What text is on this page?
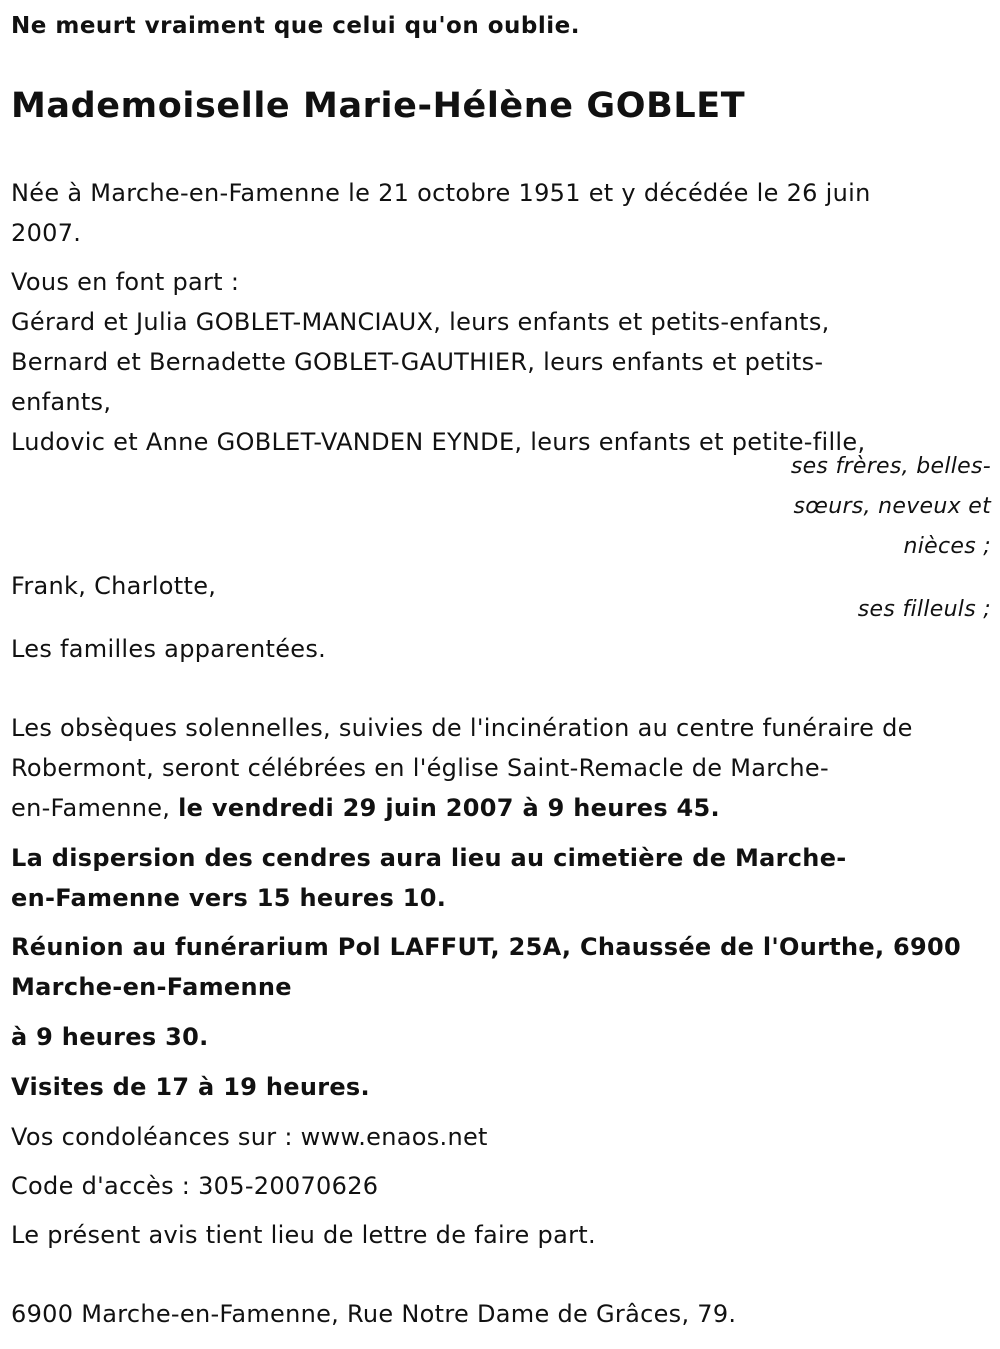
Ne meurt vraiment que celui qu'on oublie.
Mademoiselle Marie-Hélène GOBLET
Née à Marche-en-Famenne le 21 octobre 1951 et y décédée le 26 juin
2007.
Vous en font part :
Gérard et Julia GOBLET-MANCIAUX, leurs enfants et petits-enfants,
Bernard et Bernadette GOBLET-GAUTHIER, leurs enfants et petits-
enfants,
Ludovic et Anne GOBLET-VANDEN EYNDE, leurs enfants et petite-fille,
ses frères, belles-
sœurs, neveux et
nièces ;
Frank, Charlotte,
ses filleuls ;
Les familles apparentées.
Les obsèques solennelles, suivies de l'incinération au centre funéraire de
Robermont, seront célébrées en l'église Saint-Remacle de Marche-
en-Famenne, le vendredi 29 juin 2007 à 9 heures 45.
La dispersion des cendres aura lieu au cimetière de Marche-
en-Famenne vers 15 heures 10.
Réunion au funérarium Pol LAFFUT, 25A, Chaussée de l'Ourthe, 6900
Marche-en-Famenne
à 9 heures 30.
Visites de 17 à 19 heures.
Vos condoléances sur : www.enaos.net
Code d'accès : 305-20070626
Le présent avis tient lieu de lettre de faire part.
6900 Marche-en-Famenne, Rue Notre Dame de Grâces, 79.
